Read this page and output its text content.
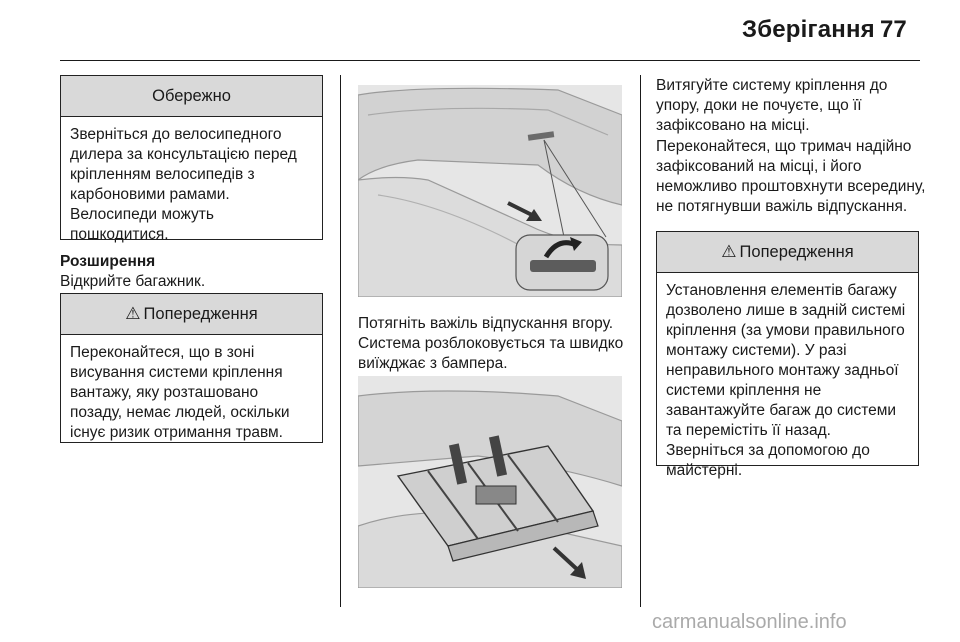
Зберігання 77
Обережно
Зверніться до велосипедного дилера за консультацією перед кріпленням велосипедів з карбоновими рамами. Велосипеди можуть пошкодитися.
Розширення
Відкрийте багажник.
⚠ Попередження
Переконайтеся, що в зоні висування системи кріплення вантажу, яку розташовано позаду, немає людей, оскільки існує ризик отримання травм.
Потягніть важіль відпускання вгору. Система розблоковується та швидко виїжджає з бампера.
Витягуйте систему кріплення до упору, доки не почуєте, що її зафіксовано на місці.
Переконайтеся, що тримач надійно зафіксований на місці, і його неможливо проштовхнути всередину, не потягнувши важіль відпускання.
⚠ Попередження
Установлення елементів багажу дозволено лише в задній системі кріплення (за умови правильного монтажу системи). У разі неправильного монтажу задньої системи кріплення не завантажуйте багаж до системи та перемістіть її назад. Зверніться за допомогою до майстерні.
carmanualsonline.info
